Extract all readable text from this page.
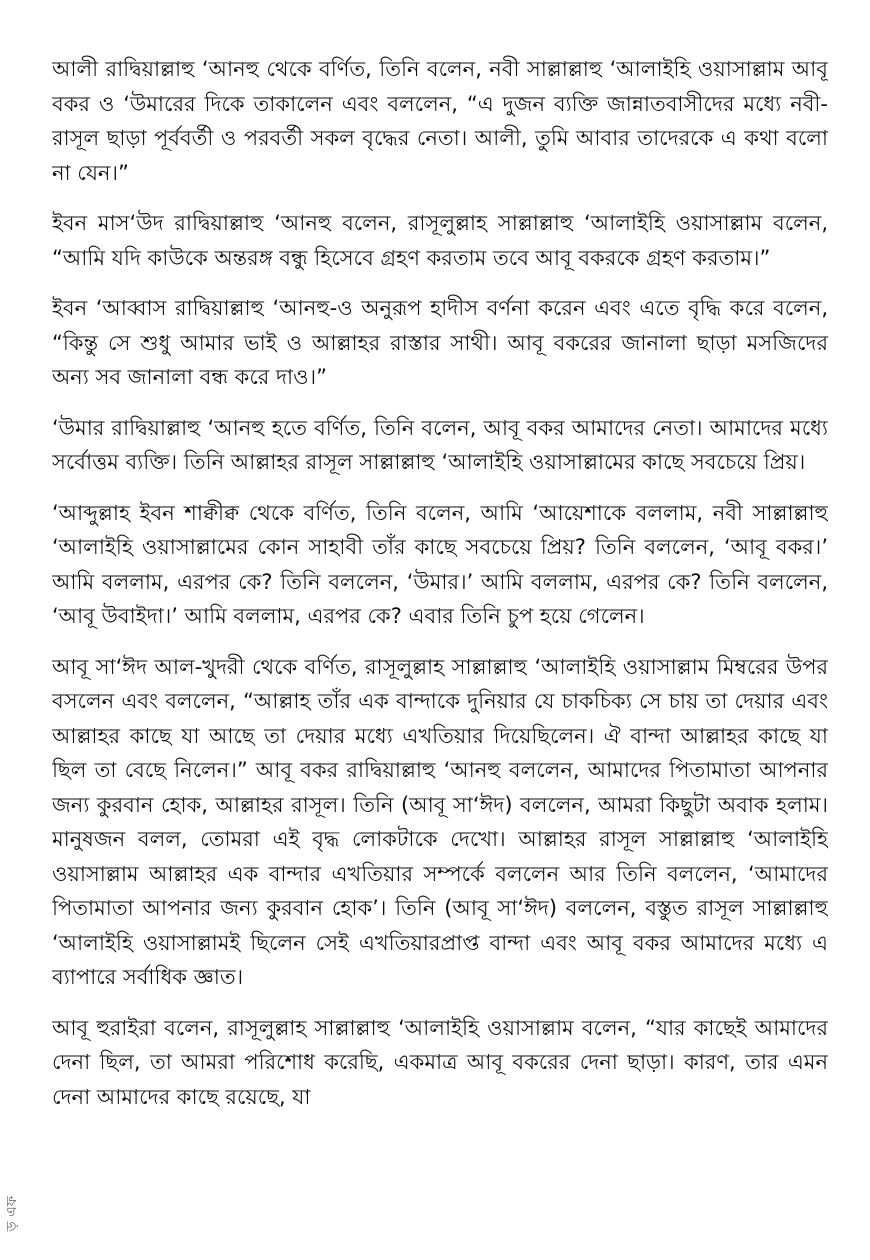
আলী রাদ্বিয়াল্লাহু ‘আনহু থেকে বর্ণিত, তিনি বলেন, নবী সাল্লাল্লাহু ‘আলাইহি ওয়াসাল্লাম আবূ বকর ও ‘উমারের দিকে তাকালেন এবং বললেন, “এ দুজন ব্যক্তি জান্নাতবাসীদের মধ্যে নবী-রাসূল ছাড়া পূর্ববর্তী ও পরবর্তী সকল বৃদ্ধের নেতা। আলী, তুমি আবার তাদেরকে এ কথা বলো না যেন।”

ইবন মাস‘উদ রাদ্বিয়াল্লাহু ‘আনহু বলেন, রাসূলুল্লাহ সাল্লাল্লাহু ‘আলাইহি ওয়াসাল্লাম বলেন, “আমি যদি কাউকে অন্তরঙ্গ বন্ধু হিসেবে গ্রহণ করতাম তবে আবূ বকরকে গ্রহণ করতাম।”

ইবন ‘আব্বাস রাদ্বিয়াল্লাহু ‘আনহু-ও অনুরূপ হাদীস বর্ণনা করেন এবং এতে বৃদ্ধি করে বলেন, “কিন্তু সে শুধু আমার ভাই ও আল্লাহর রাস্তার সাথী। আবূ বকরের জানালা ছাড়া মসজিদের অন্য সব জানালা বন্ধ করে দাও।”

‘উমার রাদ্বিয়াল্লাহু ‘আনহু হতে বর্ণিত, তিনি বলেন, আবূ বকর আমাদের নেতা। আমাদের মধ্যে সর্বোত্তম ব্যক্তি। তিনি আল্লাহর রাসূল সাল্লাল্লাহু ‘আলাইহি ওয়াসাল্লামের কাছে সবচেয়ে প্রিয়।

‘আব্দুল্লাহ ইবন শাক্বীক্ব থেকে বর্ণিত, তিনি বলেন, আমি ‘আয়েশাকে বললাম, নবী সাল্লাল্লাহু ‘আলাইহি ওয়াসাল্লামের কোন সাহাবী তাঁর কাছে সবচেয়ে প্রিয়? তিনি বললেন, ‘আবূ বকর।’ আমি বললাম, এরপর কে? তিনি বললেন, ‘উমার।’ আমি বললাম, এরপর কে? তিনি বললেন, ‘আবূ উবাইদা।’ আমি বললাম, এরপর কে? এবার তিনি চুপ হয়ে গেলেন।

আবূ সা‘ঈদ আল-খুদরী থেকে বর্ণিত, রাসূলুল্লাহ সাল্লাল্লাহু ‘আলাইহি ওয়াসাল্লাম মিম্বরের উপর বসলেন এবং বললেন, “আল্লাহ তাঁর এক বান্দাকে দুনিয়ার যে চাকচিক্য সে চায় তা দেয়ার এবং আল্লাহর কাছে যা আছে তা দেয়ার মধ্যে এখতিয়ার দিয়েছিলেন। ঐ বান্দা আল্লাহর কাছে যা ছিল তা বেছে নিলেন।” আবূ বকর রাদ্বিয়াল্লাহু ‘আনহু বললেন, আমাদের পিতামাতা আপনার জন্য কুরবান হোক, আল্লাহর রাসূল। তিনি (আবূ সা‘ঈদ) বললেন, আমরা কিছুটা অবাক হলাম। মানুষজন বলল, তোমরা এই বৃদ্ধ লোকটাকে দেখো। আল্লাহর রাসূল সাল্লাল্লাহু ‘আলাইহি ওয়াসাল্লাম আল্লাহর এক বান্দার এখতিয়ার সম্পর্কে বললেন আর তিনি বললেন, ‘আমাদের পিতামাতা আপনার জন্য কুরবান হোক’। তিনি (আবূ সা‘ঈদ) বললেন, বস্তুত রাসূল সাল্লাল্লাহু ‘আলাইহি ওয়াসাল্লামই ছিলেন সেই এখতিয়ারপ্রাপ্ত বান্দা এবং আবূ বকর আমাদের মধ্যে এ ব্যাপারে সর্বাধিক জ্ঞাত।

আবূ হুরাইরা বলেন, রাসূলুল্লাহ সাল্লাল্লাহু ‘আলাইহি ওয়াসাল্লাম বলেন, “যার কাছেই আমাদের দেনা ছিল, তা আমরা পরিশোধ করেছি, একমাত্র আবূ বকরের দেনা ছাড়া। কারণ, তার এমন দেনা আমাদের কাছে রয়েছে, যা

ড় এফ
